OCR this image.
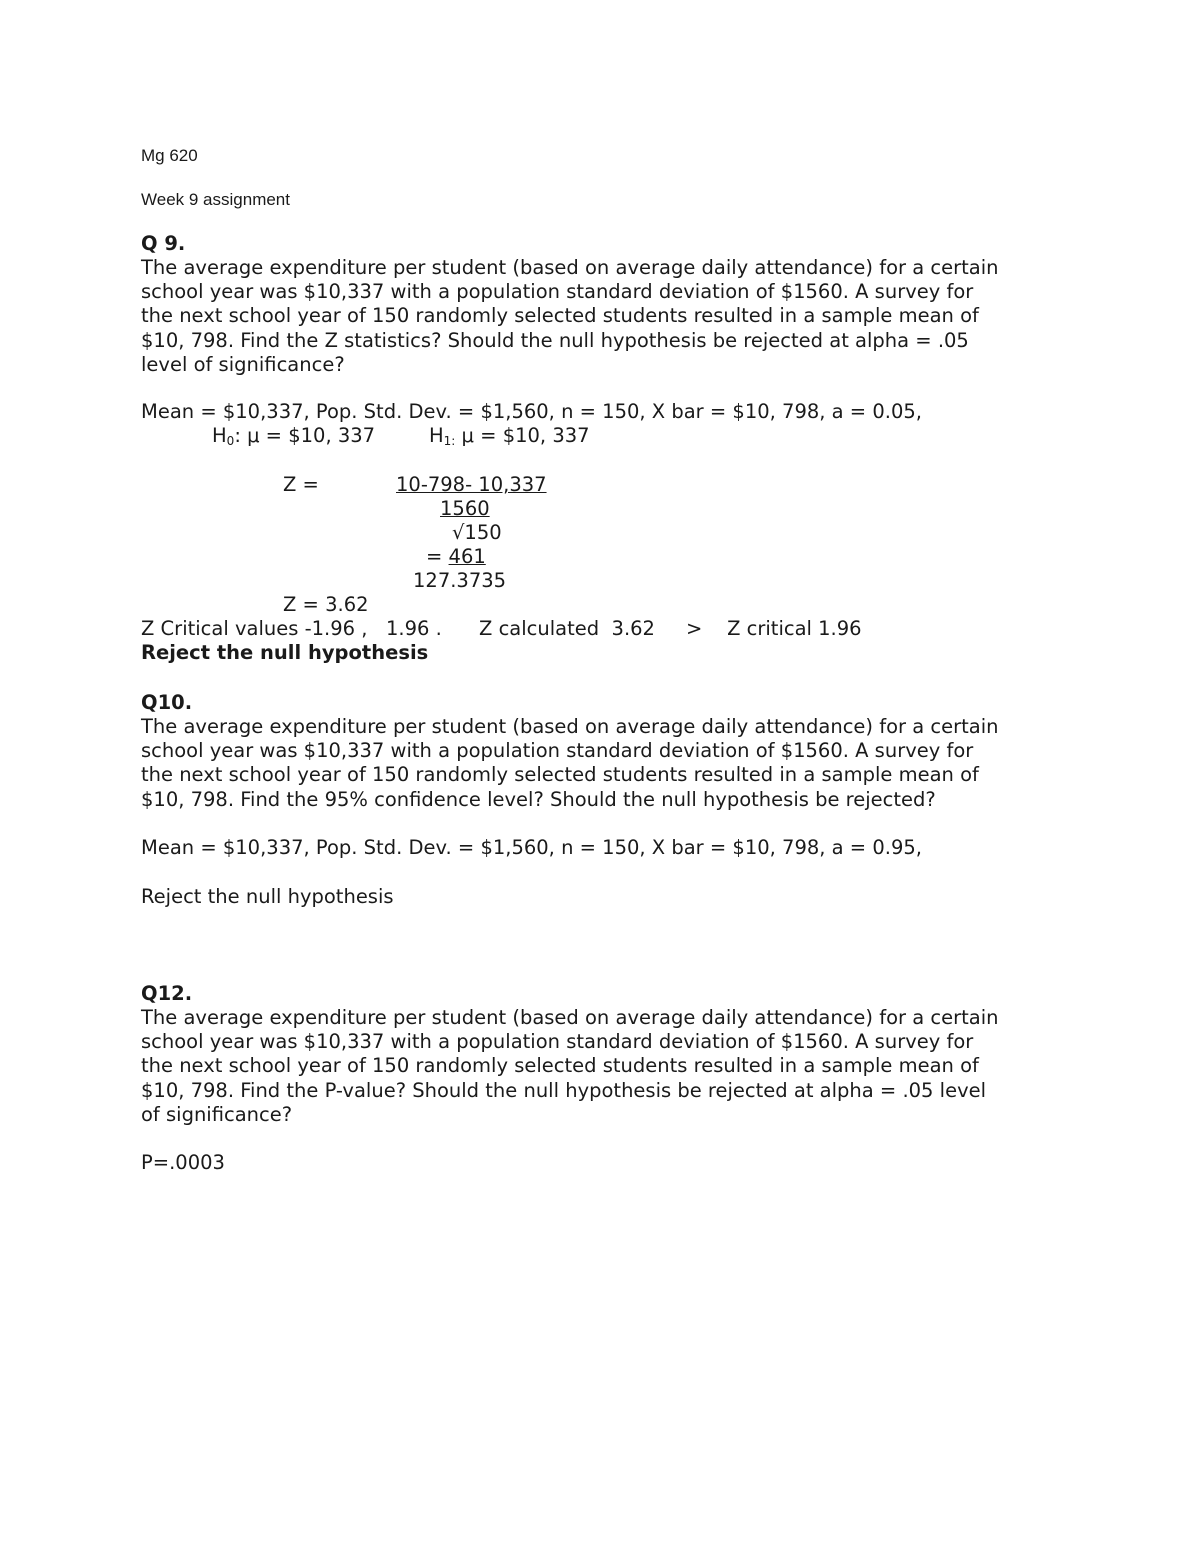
Mg 620

Week 9 assignment

Q 9.

The average expenditure per student (based on average daily attendance) for a certain
school year was $10,337 with a population standard deviation of $1560. A survey for
the next school year of 150 randomly selected students resulted in a sample mean of
$10, 798. Find the Z statistics? Should the null hypothesis be rejected at alpha = .05
level of significance?

Mean = $10,337, Pop. Std. Dev. = $1,560, n = 150, X bar = $10, 798, a = 0.05,

$H_0$: μ = $10, 337	$H_{1:}$ μ = $10, 337

Z =	10-798- 10,337

1560

√150

= 461

127.3735

Z = 3.62

Z Critical values -1.96 ,   1.96 .      Z calculated  3.62     >    Z critical 1.96

Reject the null hypothesis

Q10.

The average expenditure per student (based on average daily attendance) for a certain
school year was $10,337 with a population standard deviation of $1560. A survey for
the next school year of 150 randomly selected students resulted in a sample mean of
$10, 798. Find the 95% confidence level? Should the null hypothesis be rejected?

Mean = $10,337, Pop. Std. Dev. = $1,560, n = 150, X bar = $10, 798, a = 0.95,

Reject the null hypothesis

Q12.

The average expenditure per student (based on average daily attendance) for a certain
school year was $10,337 with a population standard deviation of $1560. A survey for
the next school year of 150 randomly selected students resulted in a sample mean of
$10, 798. Find the P-value? Should the null hypothesis be rejected at alpha = .05 level
of significance?

P=.0003
